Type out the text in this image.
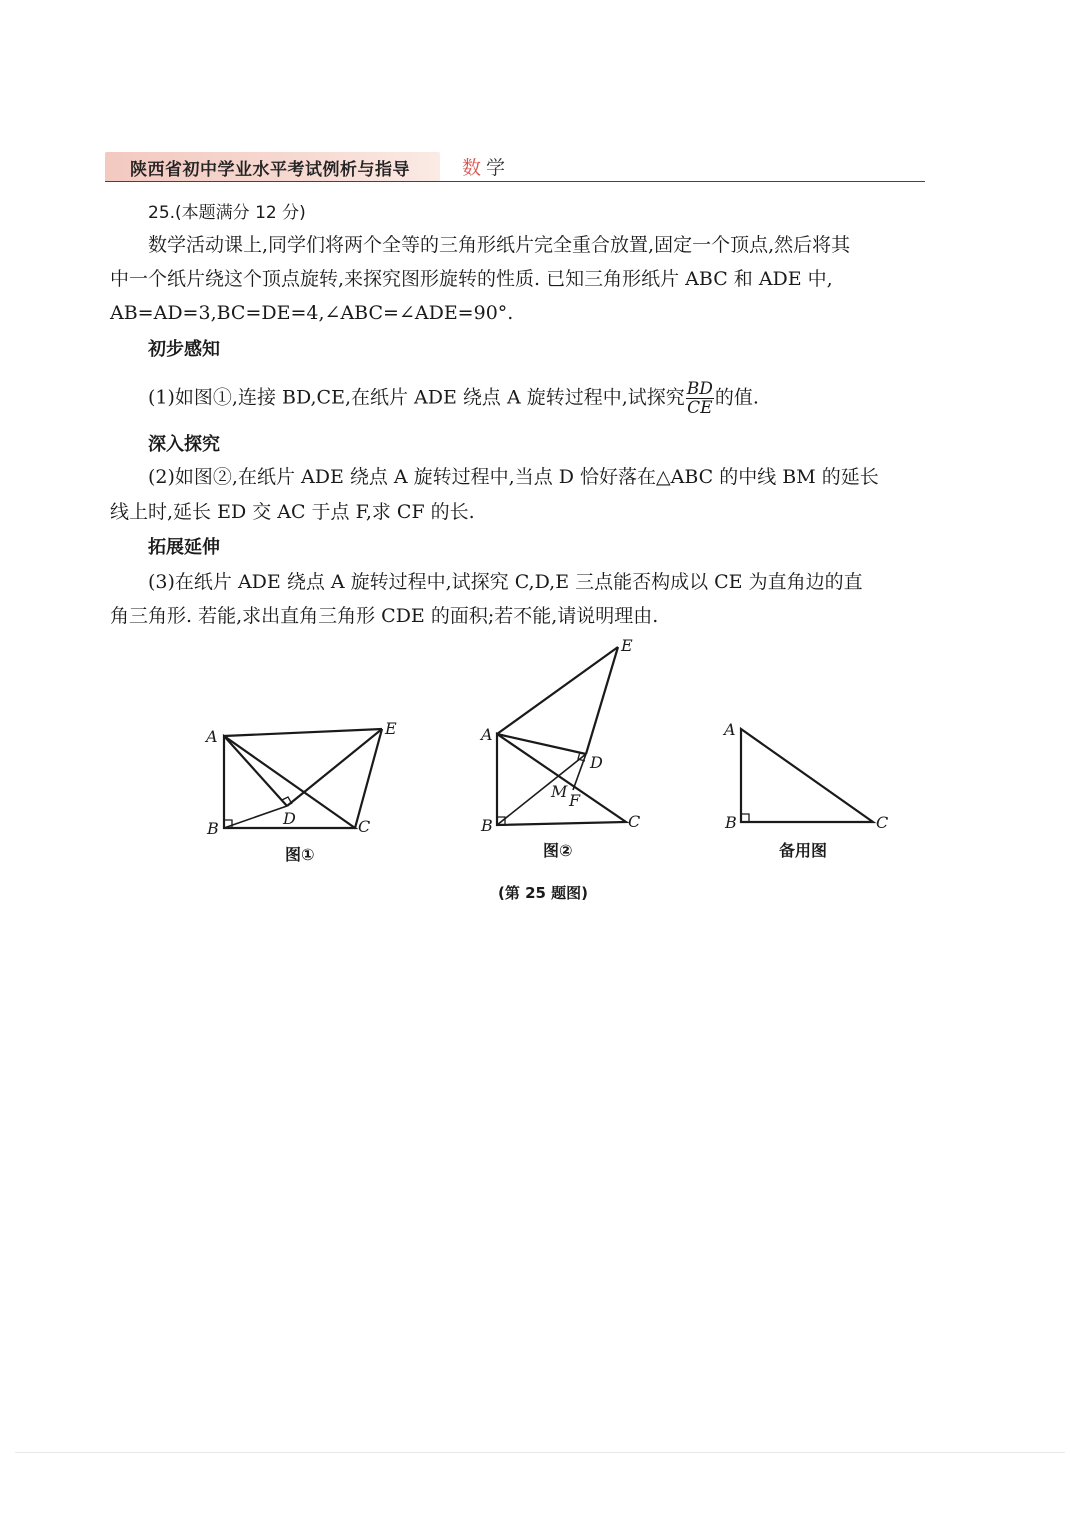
陕西省初中学业水平考试例析与指导	数学
25.(本题满分 12 分)
数学活动课上,同学们将两个全等的三角形纸片完全重合放置,固定一个顶点,然后将其
中一个纸片绕这个顶点旋转,来探究图形旋转的性质. 已知三角形纸片 ABC 和 ADE 中,
AB=AD=3,BC=DE=4,∠ABC=∠ADE=90°.
初步感知
(1)如图①,连接 BD,CE,在纸片 ADE 绕点 A 旋转过程中,试探究 $\frac{BD}{CE}$ 的值.
深入探究
(2)如图②,在纸片 ADE 绕点 A 旋转过程中,当点 D 恰好落在△ABC 的中线 BM 的延长
线上时,延长 ED 交 AC 于点 F,求 CF 的长.
拓展延伸
(3)在纸片 ADE 绕点 A 旋转过程中,试探究 C,D,E 三点能否构成以 CE 为直角边的直
角三角形. 若能,求出直角三角形 CDE 的面积;若不能,请说明理由.
A
B	C
D
E
图①
A
B	C
D
E
M F
图②
A
B	C
备用图
(第 25 题图)
